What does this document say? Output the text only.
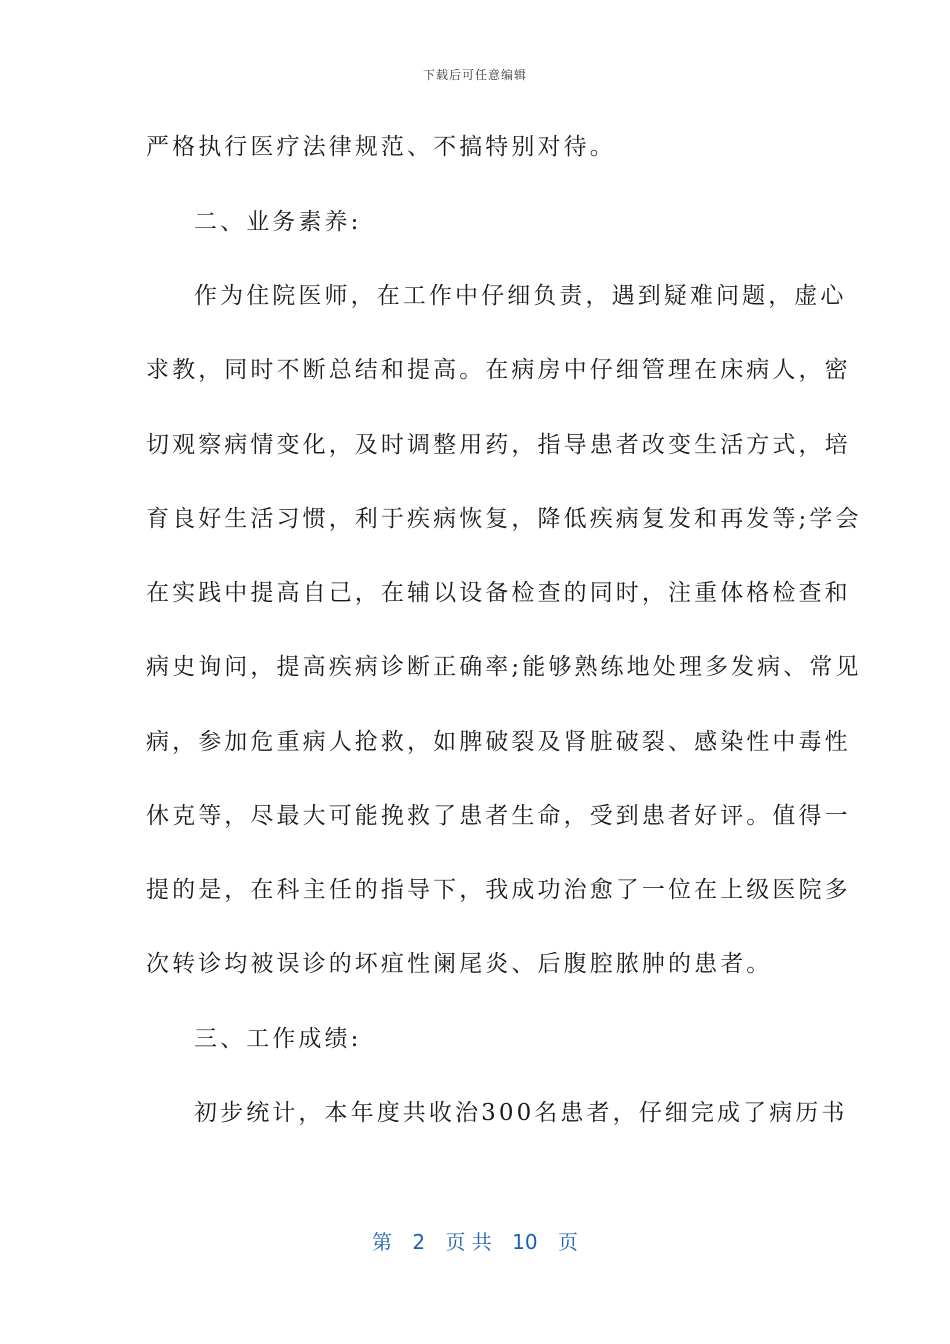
下载后可任意编辑
严格执行医疗法律规范、不搞特别对待。
二、业务素养:
作为住院医师，在工作中仔细负责，遇到疑难问题，虚心
求教，同时不断总结和提高。在病房中仔细管理在床病人，密
切观察病情变化，及时调整用药，指导患者改变生活方式，培
育良好生活习惯，利于疾病恢复，降低疾病复发和再发等;学会
在实践中提高自己，在辅以设备检查的同时，注重体格检查和
病史询问，提高疾病诊断正确率;能够熟练地处理多发病、常见
病，参加危重病人抢救，如脾破裂及肾脏破裂、感染性中毒性
休克等，尽最大可能挽救了患者生命，受到患者好评。值得一
提的是，在科主任的指导下，我成功治愈了一位在上级医院多
次转诊均被误诊的坏疽性阑尾炎、后腹腔脓肿的患者。
三、工作成绩:
初步统计，本年度共收治300名患者，仔细完成了病历书
第 2 页 共 10 页
